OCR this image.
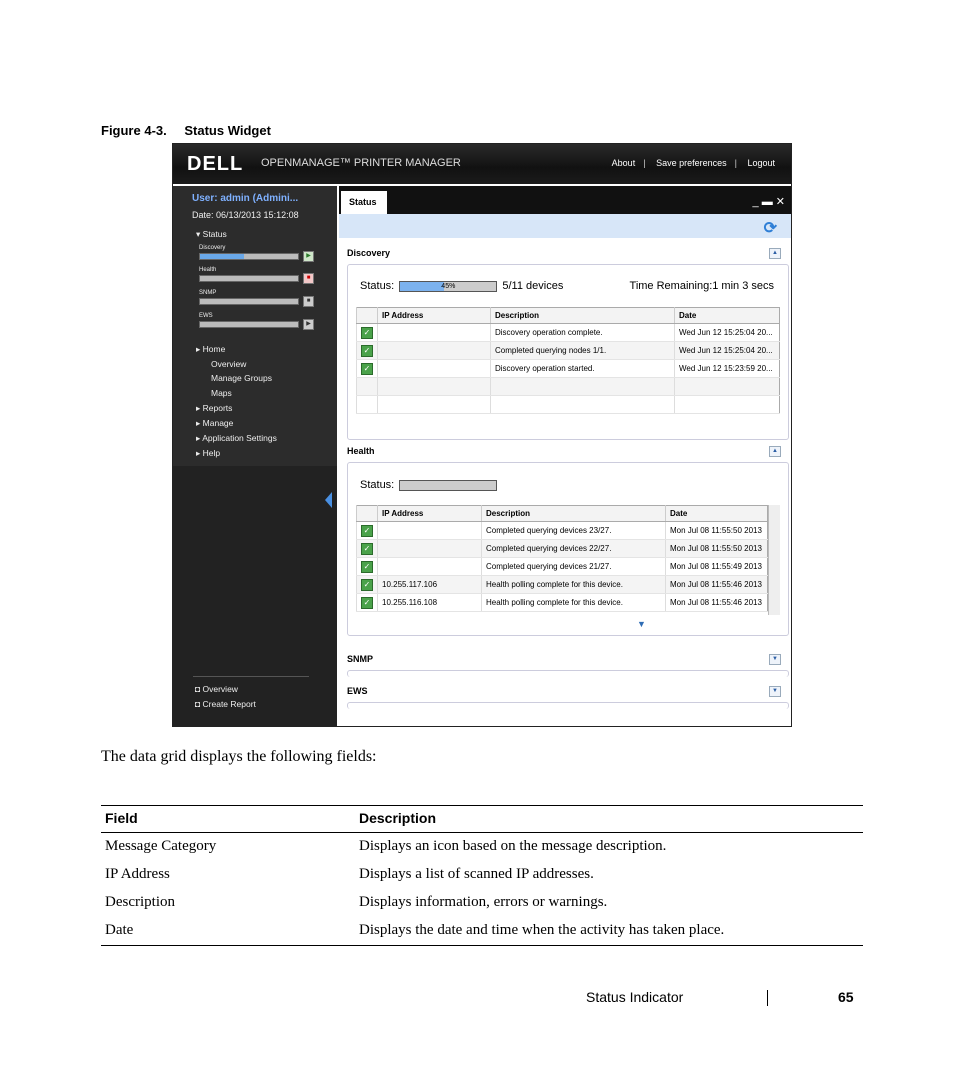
Figure 4-3. Status Widget
DELL OPENMANAGE™ PRINTER MANAGER	About | Save preferences | Logout
User: admin (Admini...
Date: 06/13/2013 15:12:08
▾ Status
Discovery
▶
Health
■
SNMP
■
EWS
▶
▸ Home
Overview
Manage Groups
Maps
▸ Reports
▸ Manage
▸ Application Settings
▸ Help
◘ Overview
◘ Create Report
Status	_ ▬ ✕
⟳
Discovery	▲
Status:	45%	5/11 devices	Time Remaining:1 min 3 secs
	IP Address	Description	Date
✓		Discovery operation complete.	Wed Jun 12 15:25:04 20...
✓		Completed querying nodes 1/1.	Wed Jun 12 15:25:04 20...
✓		Discovery operation started.	Wed Jun 12 15:23:59 20...

Health	▲
Status:
	IP Address	Description	Date
✓		Completed querying devices 23/27.	Mon Jul 08 11:55:50 2013
✓		Completed querying devices 22/27.	Mon Jul 08 11:55:50 2013
✓		Completed querying devices 21/27.	Mon Jul 08 11:55:49 2013
✓	10.255.117.106	Health polling complete for this device.	Mon Jul 08 11:55:46 2013
✓	10.255.116.108	Health polling complete for this device.	Mon Jul 08 11:55:46 2013
▼
SNMP	▼
EWS	▼
The data grid displays the following fields:
Field	Description
Message Category	Displays an icon based on the message description.
IP Address	Displays a list of scanned IP addresses.
Description	Displays information, errors or warnings.
Date	Displays the date and time when the activity has taken place.
Status Indicator	65
